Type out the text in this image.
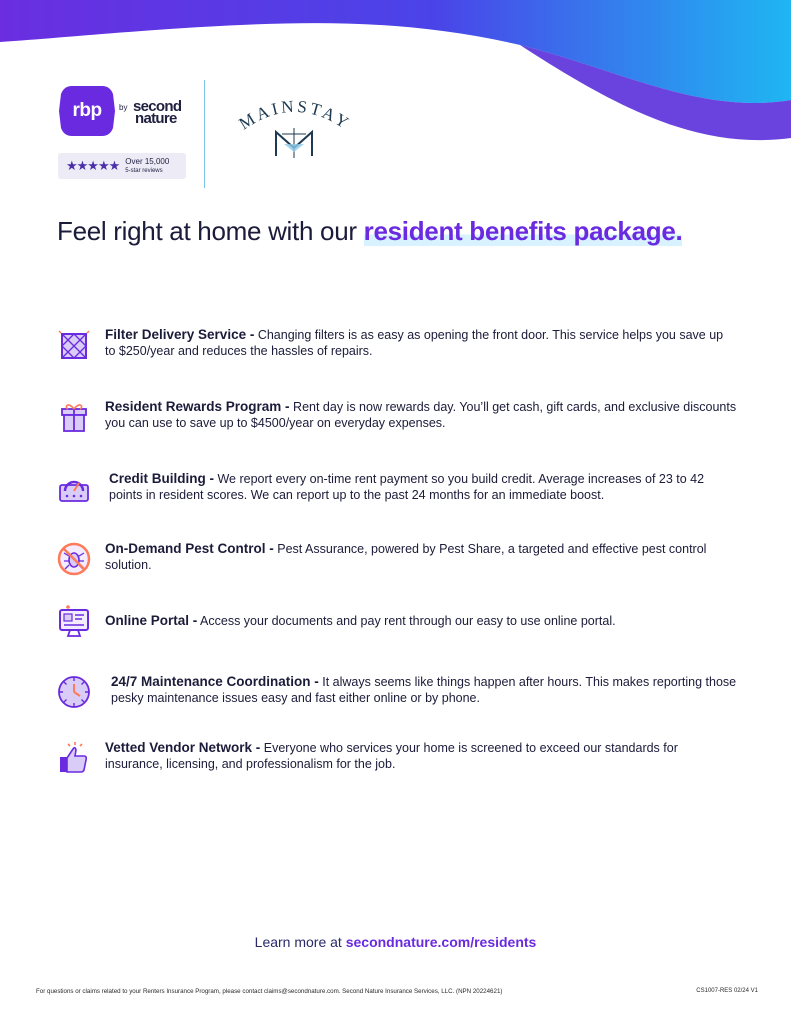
rbp	by second
nature
★★★★★ Over 15,000
5-star reviews
MAINSTAY
Feel right at home with our resident benefits package.
Filter Delivery Service - Changing filters is as easy as opening the front door. This service helps you save up to $250/year and reduces the hassles of repairs.
Resident Rewards Program - Rent day is now rewards day. You’ll get cash, gift cards, and exclusive discounts you can use to save up to $4500/year on everyday expenses.
Credit Building - We report every on-time rent payment so you build credit. Average increases of 23 to 42 points in resident scores. We can report up to the past 24 months for an immediate boost.
On-Demand Pest Control - Pest Assurance, powered by Pest Share, a targeted and effective pest control solution.
Online Portal - Access your documents and pay rent through our easy to use online portal.
24/7 Maintenance Coordination - It always seems like things happen after hours. This makes reporting those pesky maintenance issues easy and fast either online or by phone.
Vetted Vendor Network - Everyone who services your home is screened to exceed our standards for insurance, licensing, and professionalism for the job.
Learn more at secondnature.com/residents
For questions or claims related to your Renters Insurance Program, please contact claims@secondnature.com. Second Nature Insurance Services, LLC. (NPN 20224621)	CS1007-RES 02/24 V1
